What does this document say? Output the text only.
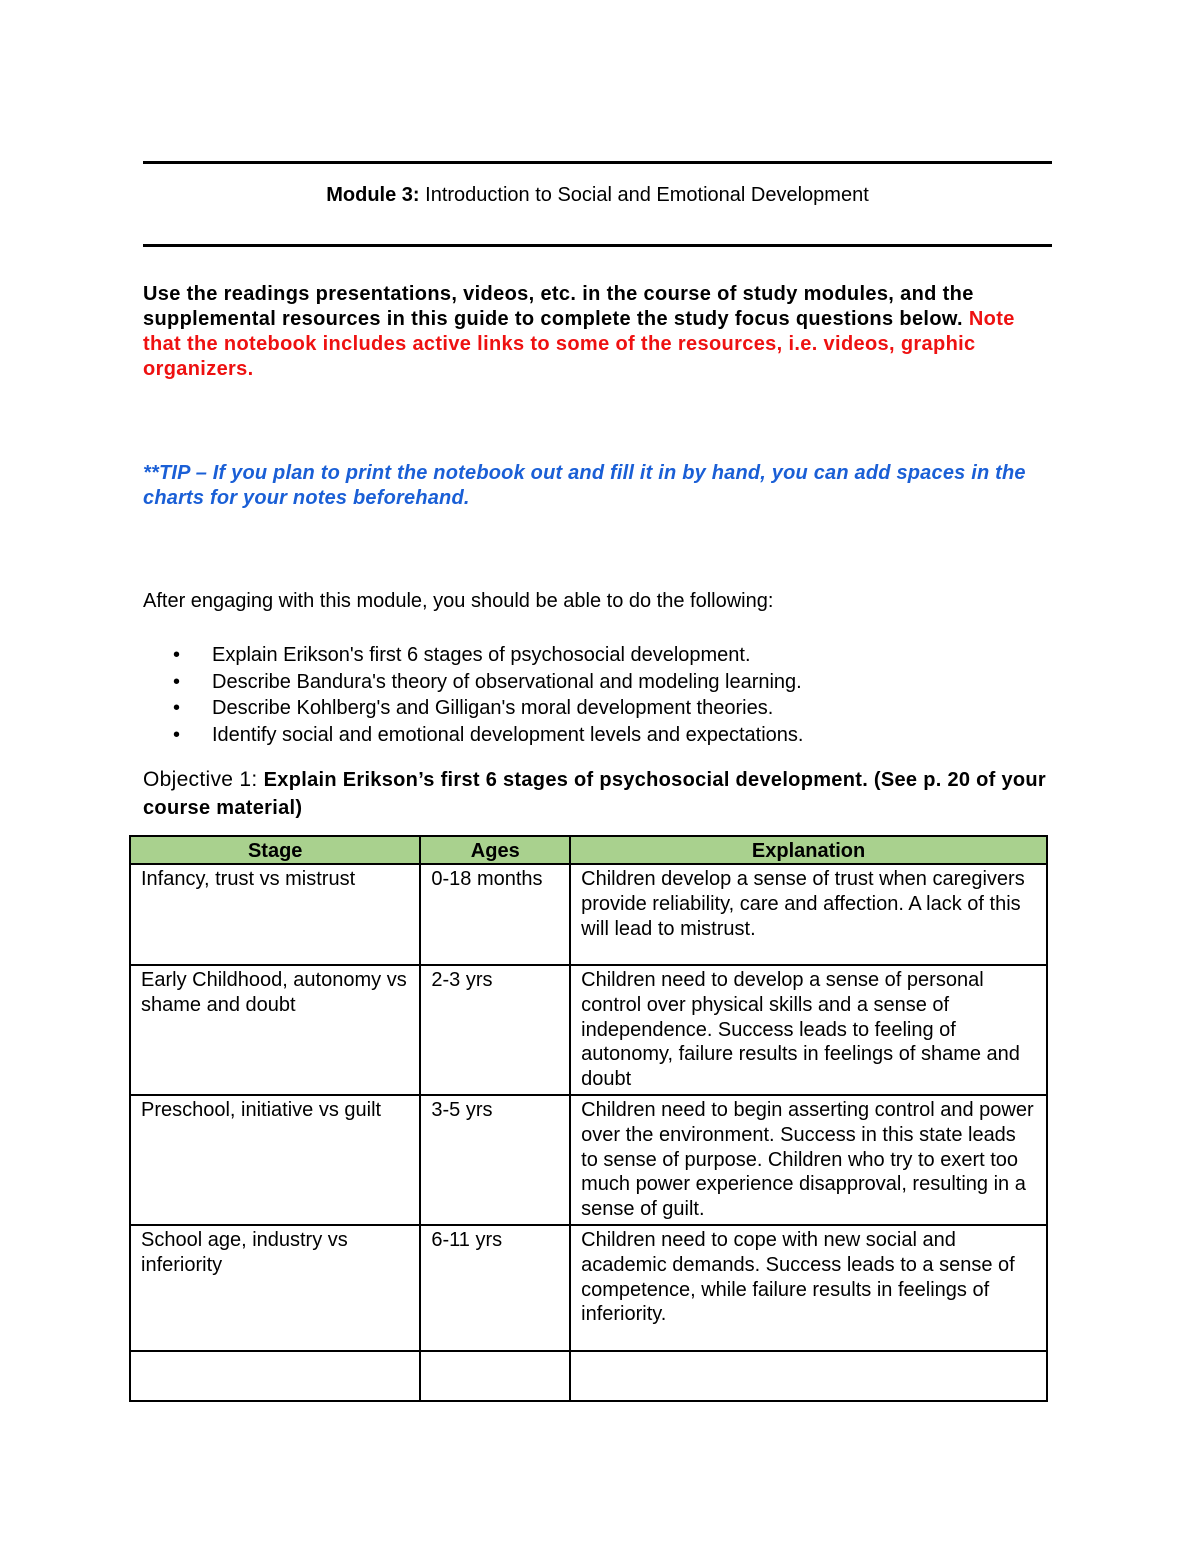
Module 3: Introduction to Social and Emotional Development
Use the readings presentations, videos, etc. in the course of study modules, and the supplemental resources in this guide to complete the study focus questions below. Note that the notebook includes active links to some of the resources, i.e. videos, graphic organizers.
**TIP – If you plan to print the notebook out and fill it in by hand, you can add spaces in the charts for your notes beforehand.
After engaging with this module, you should be able to do the following:
• Explain Erikson's first 6 stages of psychosocial development.
• Describe Bandura's theory of observational and modeling learning.
• Describe Kohlberg's and Gilligan's moral development theories.
• Identify social and emotional development levels and expectations.
Objective 1: Explain Erikson’s first 6 stages of psychosocial development. (See p. 20 of your course material)
Stage	Ages	Explanation
Infancy, trust vs mistrust	0-18 months	Children develop a sense of trust when caregivers provide reliability, care and affection. A lack of this will lead to mistrust.
Early Childhood, autonomy vs shame and doubt	2-3 yrs	Children need to develop a sense of personal control over physical skills and a sense of independence. Success leads to feeling of autonomy, failure results in feelings of shame and doubt
Preschool, initiative vs guilt	3-5 yrs	Children need to begin asserting control and power over the environment. Success in this state leads to sense of purpose. Children who try to exert too much power experience disapproval, resulting in a sense of guilt.
School age, industry vs inferiority	6-11 yrs	Children need to cope with new social and academic demands. Success leads to a sense of competence, while failure results in feelings of inferiority.
